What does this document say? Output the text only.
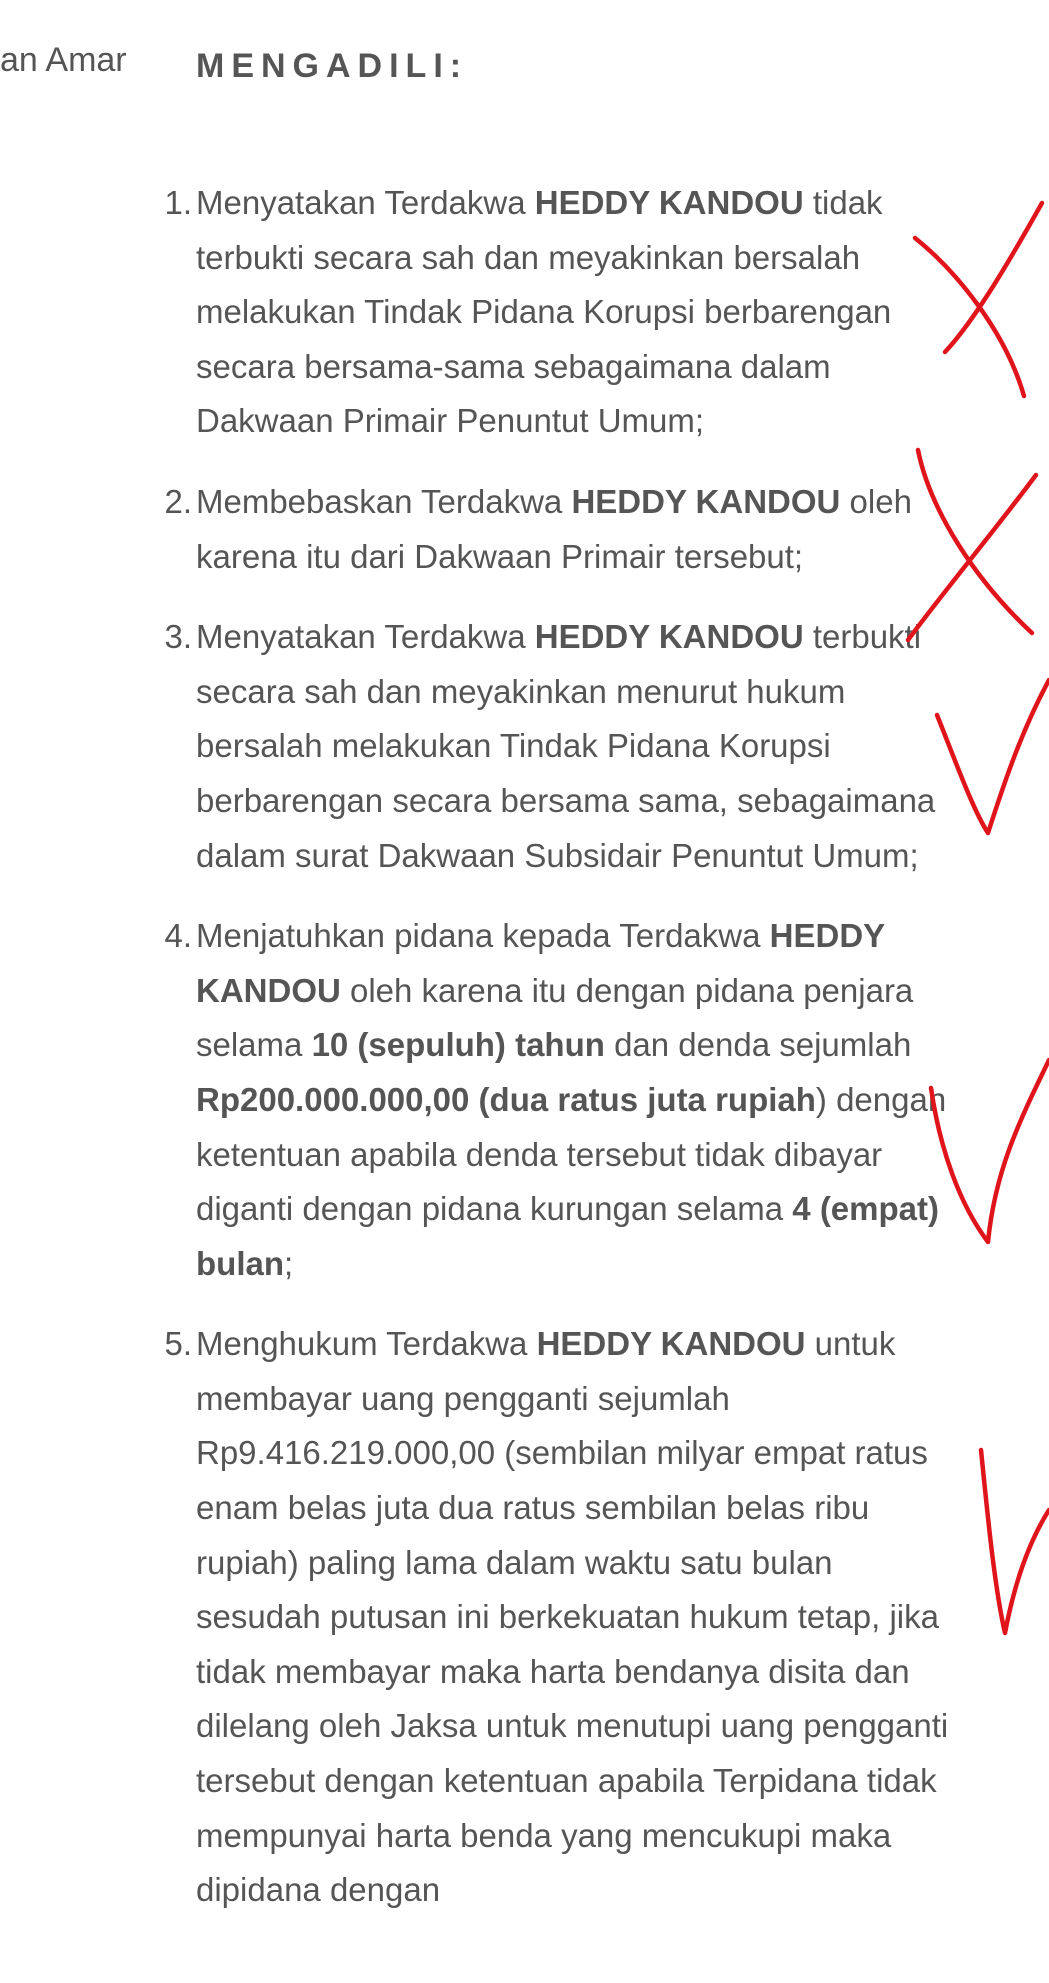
an Amar MENGADILI:
1. Menyatakan Terdakwa HEDDY KANDOU tidak terbukti secara sah dan meyakinkan bersalah melakukan Tindak Pidana Korupsi berbarengan secara bersama-sama sebagaimana dalam Dakwaan Primair Penuntut Umum;
2. Membebaskan Terdakwa HEDDY KANDOU oleh karena itu dari Dakwaan Primair tersebut;
3. Menyatakan Terdakwa HEDDY KANDOU terbukti secara sah dan meyakinkan menurut hukum bersalah melakukan Tindak Pidana Korupsi berbarengan secara bersama sama, sebagaimana dalam surat Dakwaan Subsidair Penuntut Umum;
4. Menjatuhkan pidana kepada Terdakwa HEDDY KANDOU oleh karena itu dengan pidana penjara selama 10 (sepuluh) tahun dan denda sejumlah Rp200.000.000,00 (dua ratus juta rupiah) dengan ketentuan apabila denda tersebut tidak dibayar diganti dengan pidana kurungan selama 4 (empat) bulan;
5. Menghukum Terdakwa HEDDY KANDOU untuk membayar uang pengganti sejumlah Rp9.416.219.000,00 (sembilan milyar empat ratus enam belas juta dua ratus sembilan belas ribu rupiah) paling lama dalam waktu satu bulan sesudah putusan ini berkekuatan hukum tetap, jika tidak membayar maka harta bendanya disita dan dilelang oleh Jaksa untuk menutupi uang pengganti tersebut dengan ketentuan apabila Terpidana tidak mempunyai harta benda yang mencukupi maka dipidana dengan
